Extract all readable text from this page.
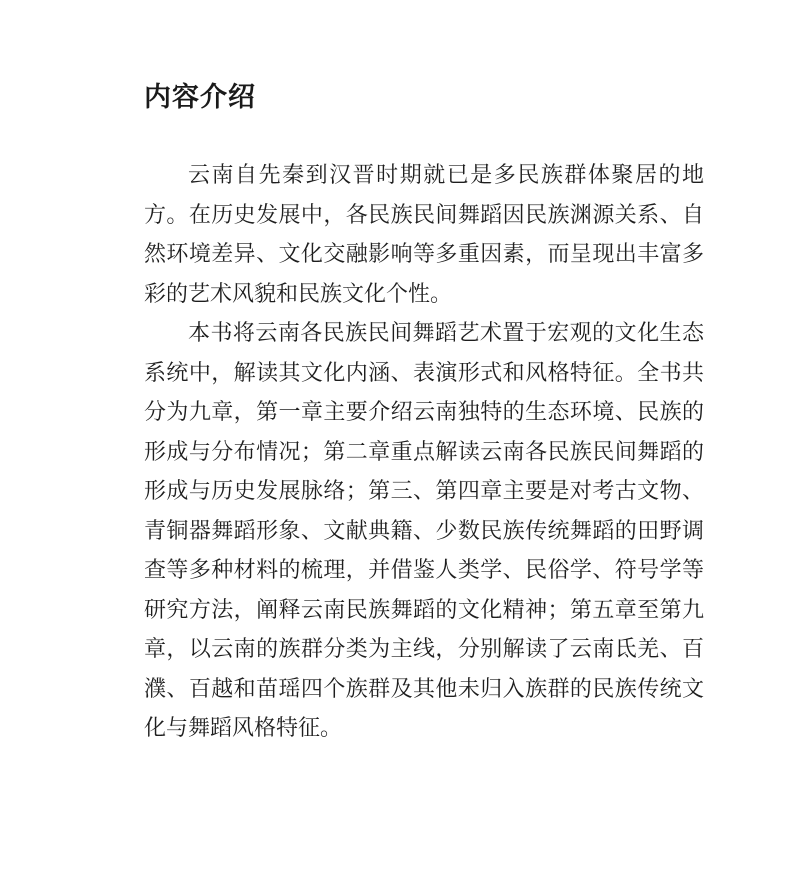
内容介绍

云南自先秦到汉晋时期就已是多民族群体聚居的地方。在历史发展中，各民族民间舞蹈因民族渊源关系、自然环境差异、文化交融影响等多重因素，而呈现出丰富多彩的艺术风貌和民族文化个性。

本书将云南各民族民间舞蹈艺术置于宏观的文化生态系统中，解读其文化内涵、表演形式和风格特征。全书共分为九章，第一章主要介绍云南独特的生态环境、民族的形成与分布情况；第二章重点解读云南各民族民间舞蹈的形成与历史发展脉络；第三、第四章主要是对考古文物、青铜器舞蹈形象、文献典籍、少数民族传统舞蹈的田野调查等多种材料的梳理，并借鉴人类学、民俗学、符号学等研究方法，阐释云南民族舞蹈的文化精神；第五章至第九章，以云南的族群分类为主线，分别解读了云南氐羌、百濮、百越和苗瑶四个族群及其他未归入族群的民族传统文化与舞蹈风格特征。
